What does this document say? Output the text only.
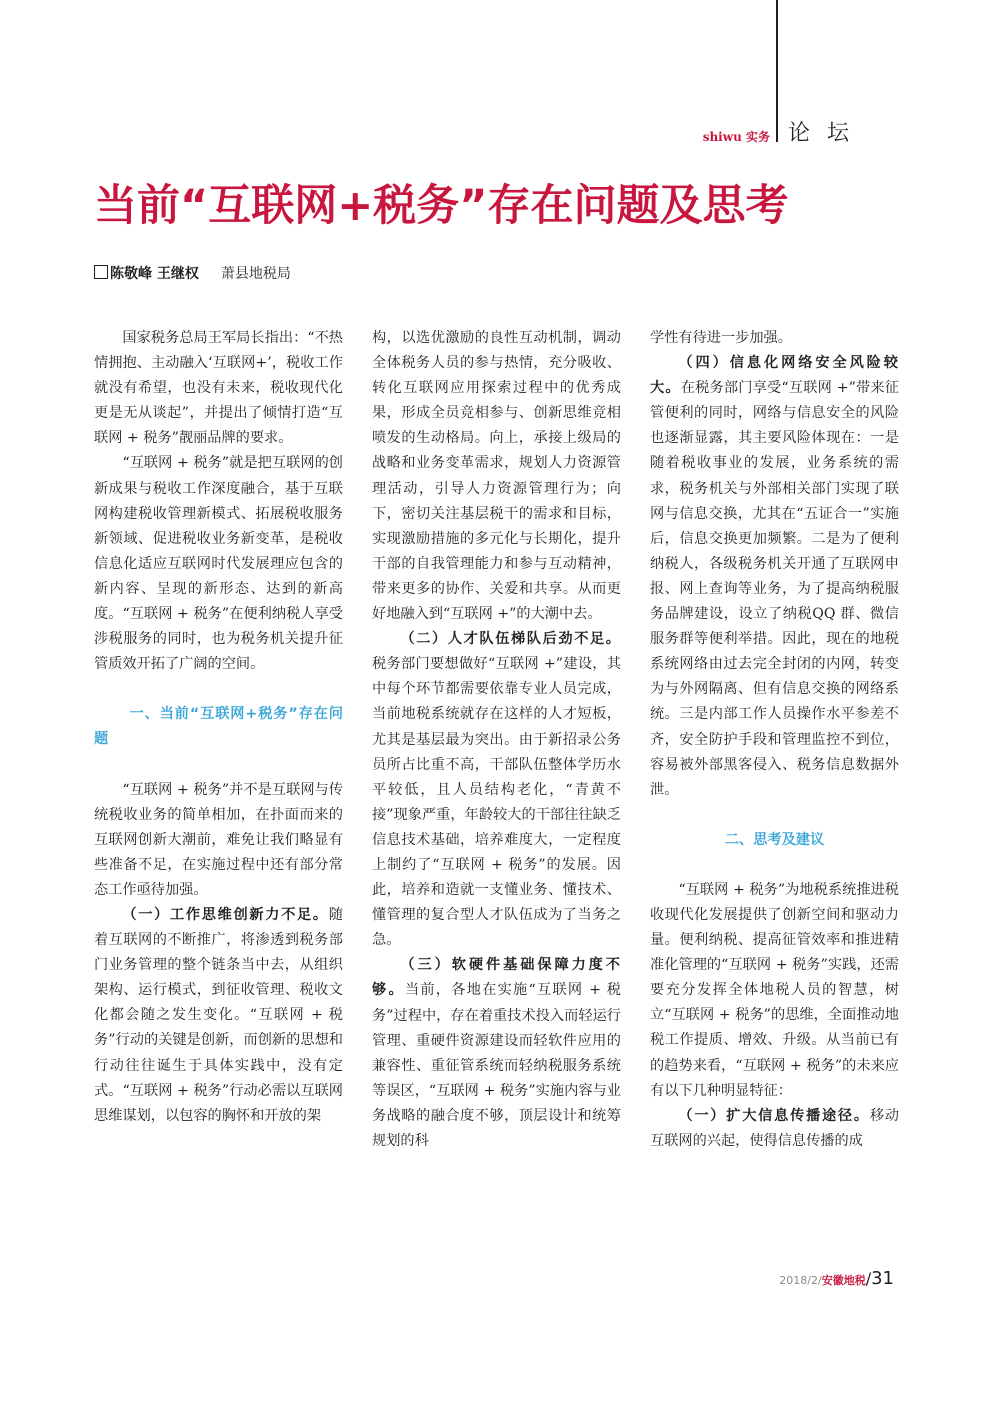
shiwu 实务 论 坛
当前“互联网+税务”存在问题及思考
陈敬峰 王继权 萧县地税局

国家税务总局王军局长指出：“不热情拥抱、主动融入‘互联网+’，税收工作就没有希望，也没有未来，税收现代化更是无从谈起”，并提出了倾情打造“互联网 + 税务”靓丽品牌的要求。

“互联网 + 税务”就是把互联网的创新成果与税收工作深度融合，基于互联网构建税收管理新模式、拓展税收服务新领域、促进税收业务新变革，是税收信息化适应互联网时代发展理应包含的新内容、呈现的新形态、达到的新高度。“互联网 + 税务”在便利纳税人享受涉税服务的同时，也为税务机关提升征管质效开拓了广阔的空间。

一、当前“互联网+税务”存在问题

“互联网 + 税务”并不是互联网与传统税收业务的简单相加，在扑面而来的互联网创新大潮前，难免让我们略显有些准备不足，在实施过程中还有部分常态工作亟待加强。

（一）工作思维创新力不足。随着互联网的不断推广，将渗透到税务部门业务管理的整个链条当中去，从组织架构、运行模式，到征收管理、税收文化都会随之发生变化。“互联网 + 税务”行动的关键是创新，而创新的思想和行动往往诞生于具体实践中，没有定式。“互联网 + 税务”行动必需以互联网思维谋划，以包容的胸怀和开放的架

构，以选优激励的良性互动机制，调动全体税务人员的参与热情，充分吸收、转化互联网应用探索过程中的优秀成果，形成全员竞相参与、创新思维竞相喷发的生动格局。向上，承接上级局的战略和业务变革需求，规划人力资源管理活动，引导人力资源管理行为；向下，密切关注基层税干的需求和目标，实现激励措施的多元化与长期化，提升干部的自我管理能力和参与互动精神，带来更多的协作、关爱和共享。从而更好地融入到“互联网 +”的大潮中去。

（二）人才队伍梯队后劲不足。税务部门要想做好“互联网 +”建设，其中每个环节都需要依靠专业人员完成，当前地税系统就存在这样的人才短板，尤其是基层最为突出。由于新招录公务员所占比重不高，干部队伍整体学历水平较低，且人员结构老化，“青黄不接”现象严重，年龄较大的干部往往缺乏信息技术基础，培养难度大，一定程度上制约了“互联网 + 税务”的发展。因此，培养和造就一支懂业务、懂技术、懂管理的复合型人才队伍成为了当务之急。

（三）软硬件基础保障力度不够。当前，各地在实施“互联网 + 税务”过程中，存在着重技术投入而轻运行管理、重硬件资源建设而轻软件应用的兼容性、重征管系统而轻纳税服务系统等误区，“互联网 + 税务”实施内容与业务战略的融合度不够，顶层设计和统筹规划的科

学性有待进一步加强。

（四）信息化网络安全风险较大。在税务部门享受“互联网 +”带来征管便利的同时，网络与信息安全的风险也逐渐显露，其主要风险体现在：一是随着税收事业的发展，业务系统的需求，税务机关与外部相关部门实现了联网与信息交换，尤其在“五证合一”实施后，信息交换更加频繁。二是为了便利纳税人，各级税务机关开通了互联网申报、网上查询等业务，为了提高纳税服务品牌建设，设立了纳税QQ 群、微信服务群等便利举措。因此，现在的地税系统网络由过去完全封闭的内网，转变为与外网隔离、但有信息交换的网络系统。三是内部工作人员操作水平参差不齐，安全防护手段和管理监控不到位，容易被外部黑客侵入、税务信息数据外泄。

二、思考及建议

“互联网 + 税务”为地税系统推进税收现代化发展提供了创新空间和驱动力量。便利纳税、提高征管效率和推进精准化管理的“互联网 + 税务”实践，还需要充分发挥全体地税人员的智慧，树立“互联网 + 税务”的思维，全面推动地税工作提质、增效、升级。从当前已有的趋势来看，“互联网 + 税务”的未来应有以下几种明显特征：

（一）扩大信息传播途径。移动互联网的兴起，使得信息传播的成

2018/2/安徽地税/31
